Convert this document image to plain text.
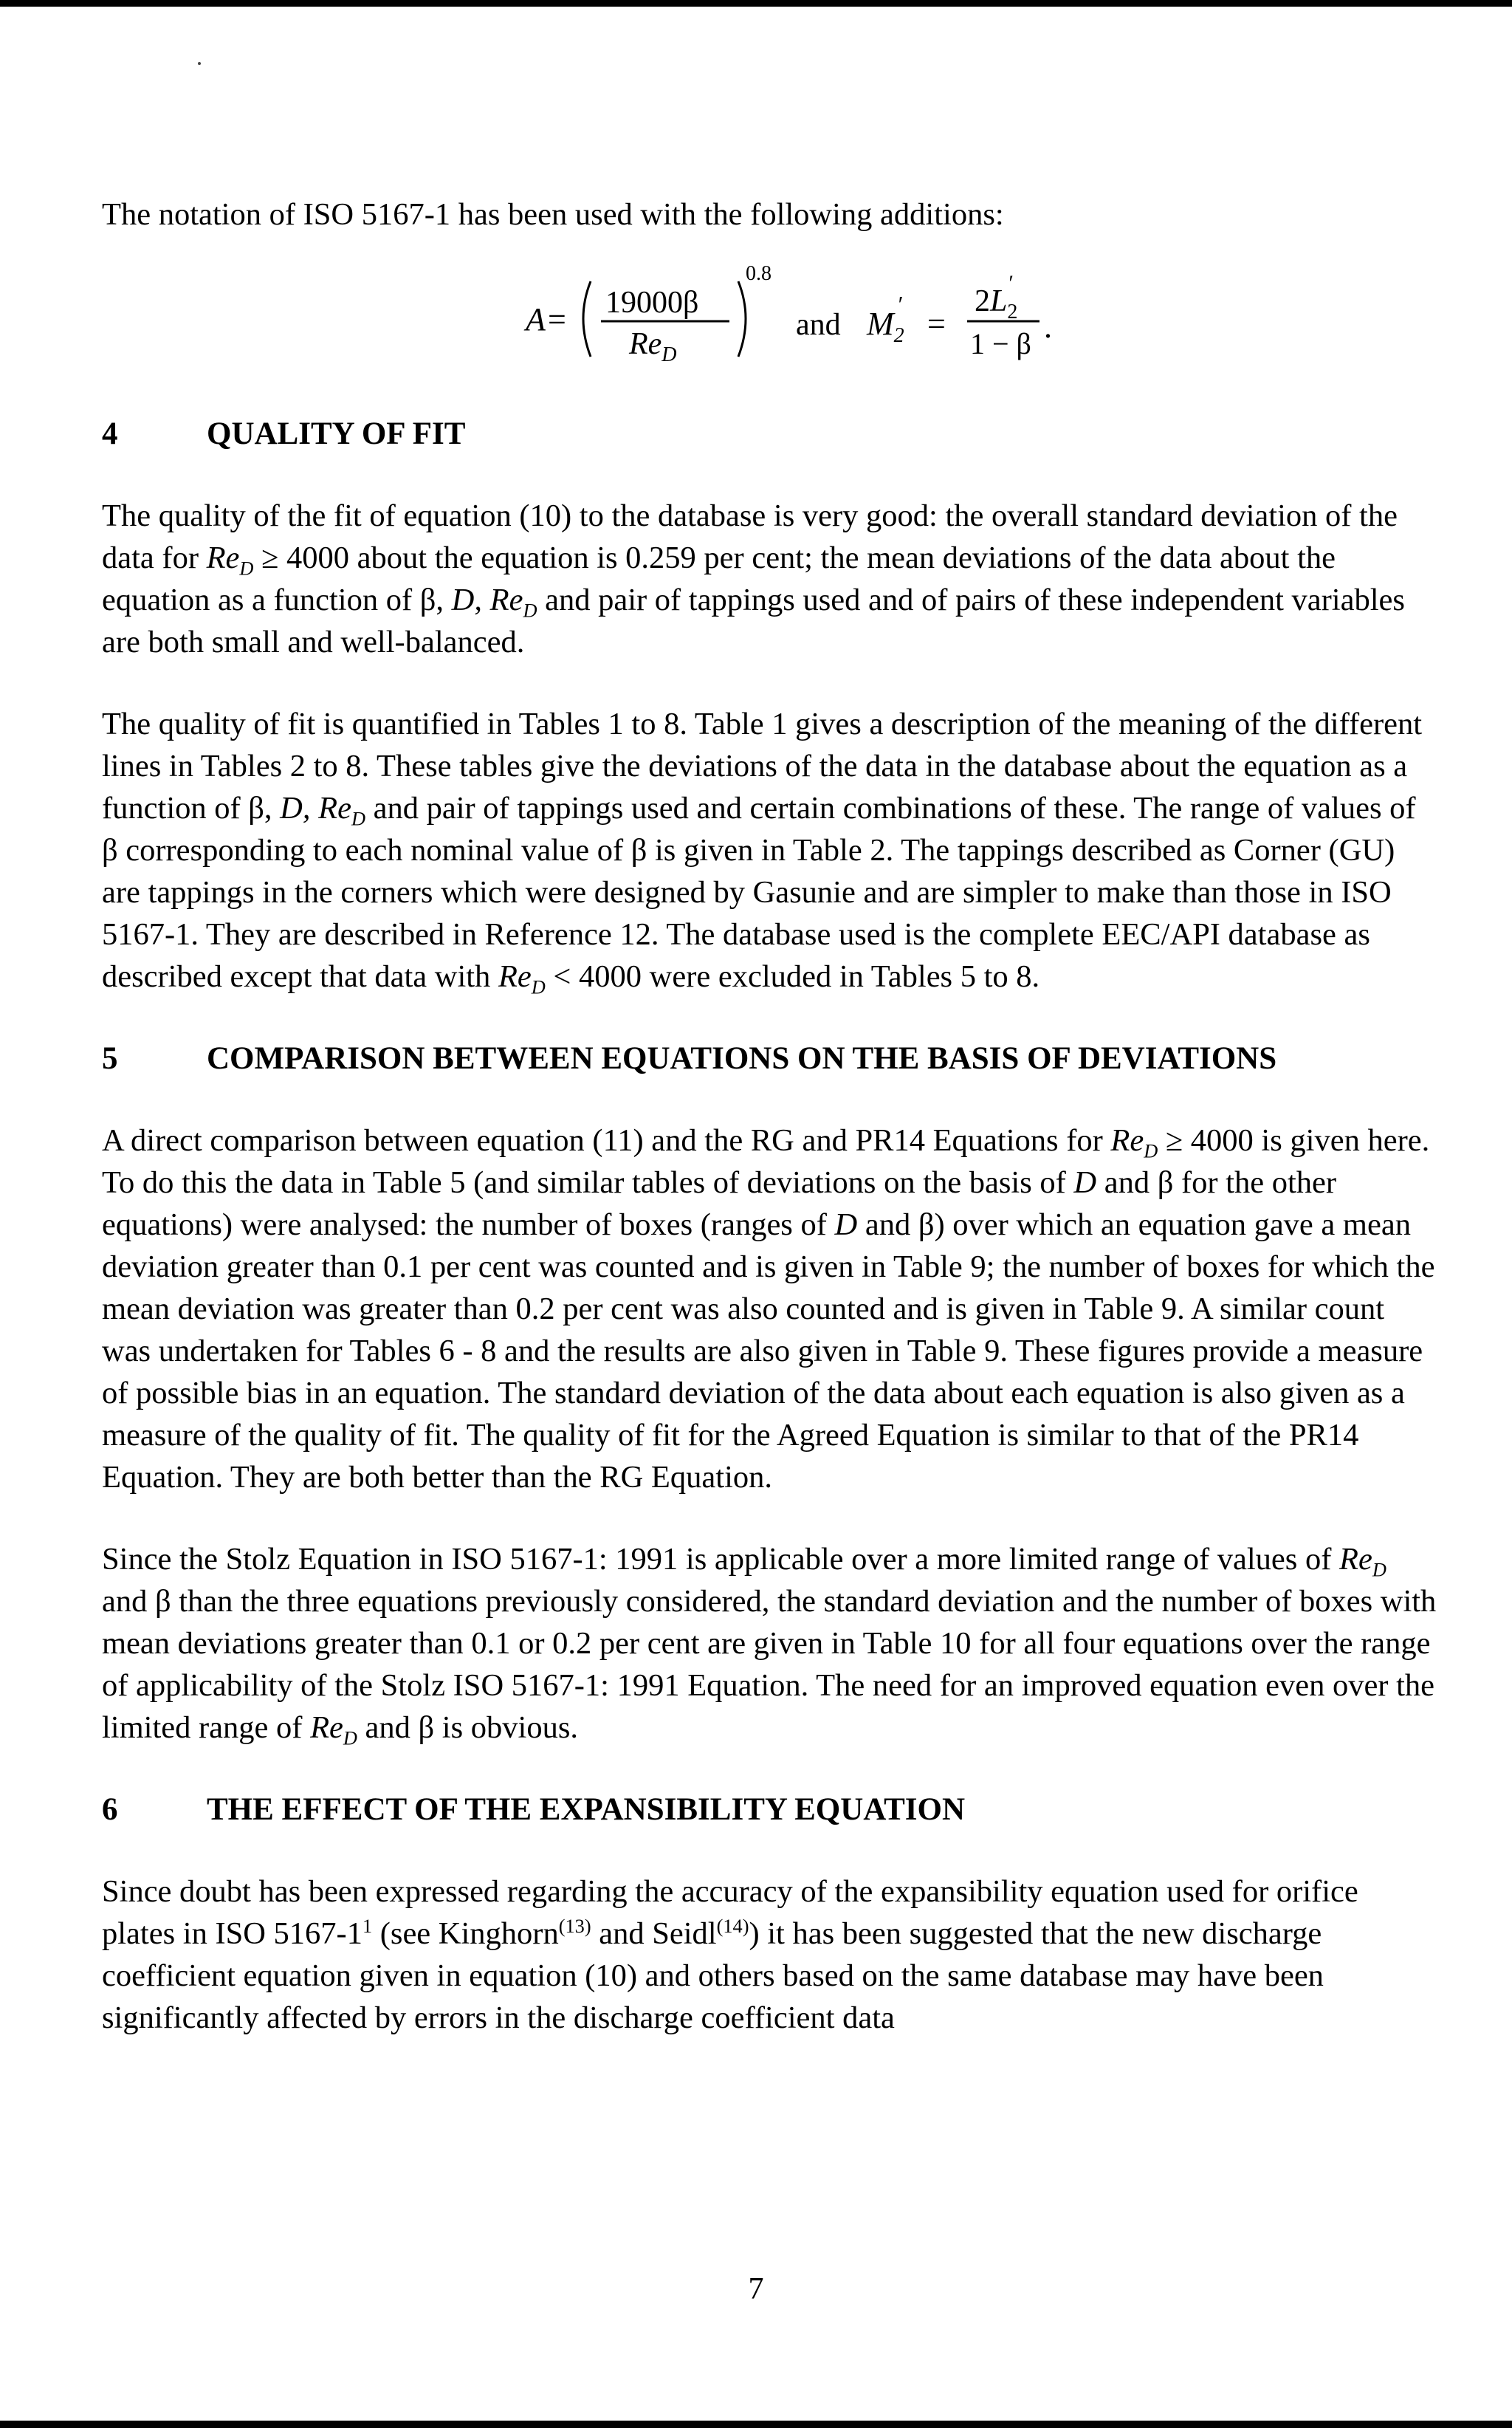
The notation of ISO 5167-1 has been used with the following additions:

A = 19000β
$Re_D$
0.8
and $M_2'$
=
$2L_2'$
1 − β .
4	QUALITY OF FIT

The quality of the fit of equation (10) to the database is very good: the overall standard deviation of the data for $Re_D \ge 4000$ about the equation is 0.259 per cent; the mean deviations of the data about the equation as a function of β, D, $Re_D$ and pair of tappings used and of pairs of these independent variables are both small and well-balanced.

The quality of fit is quantified in Tables 1 to 8. Table 1 gives a description of the meaning of the different lines in Tables 2 to 8. These tables give the deviations of the data in the database about the equation as a function of β, D, $Re_D$ and pair of tappings used and certain combinations of these. The range of values of β corresponding to each nominal value of β is given in Table 2. The tappings described as Corner (GU) are tappings in the corners which were designed by Gasunie and are simpler to make than those in ISO 5167-1. They are described in Reference 12. The database used is the complete EEC/API database as described except that data with $Re_D < 4000$ were excluded in Tables 5 to 8.

5	COMPARISON BETWEEN EQUATIONS ON THE BASIS OF DEVIATIONS

A direct comparison between equation (11) and the RG and PR14 Equations for $Re_D \ge 4000$ is given here. To do this the data in Table 5 (and similar tables of deviations on the basis of D and β for the other equations) were analysed: the number of boxes (ranges of D and β) over which an equation gave a mean deviation greater than 0.1 per cent was counted and is given in Table 9; the number of boxes for which the mean deviation was greater than 0.2 per cent was also counted and is given in Table 9. A similar count was undertaken for Tables 6 - 8 and the results are also given in Table 9. These figures provide a measure of possible bias in an equation. The standard deviation of the data about each equation is also given as a measure of the quality of fit. The quality of fit for the Agreed Equation is similar to that of the PR14 Equation. They are both better than the RG Equation.

Since the Stolz Equation in ISO 5167-1: 1991 is applicable over a more limited range of values of $Re_D$ and β than the three equations previously considered, the standard deviation and the number of boxes with mean deviations greater than 0.1 or 0.2 per cent are given in Table 10 for all four equations over the range of applicability of the Stolz ISO 5167-1: 1991 Equation. The need for an improved equation even over the limited range of $Re_D$ and β is obvious.

6	THE EFFECT OF THE EXPANSIBILITY EQUATION

Since doubt has been expressed regarding the accuracy of the expansibility equation used for orifice plates in ISO $5167-1^1$ (see Kinghorn$^{(13)}$ and Seidl$^{(14)}$) it has been suggested that the new discharge coefficient equation given in equation (10) and others based on the same database may have been significantly affected by errors in the discharge coefficient data

7
